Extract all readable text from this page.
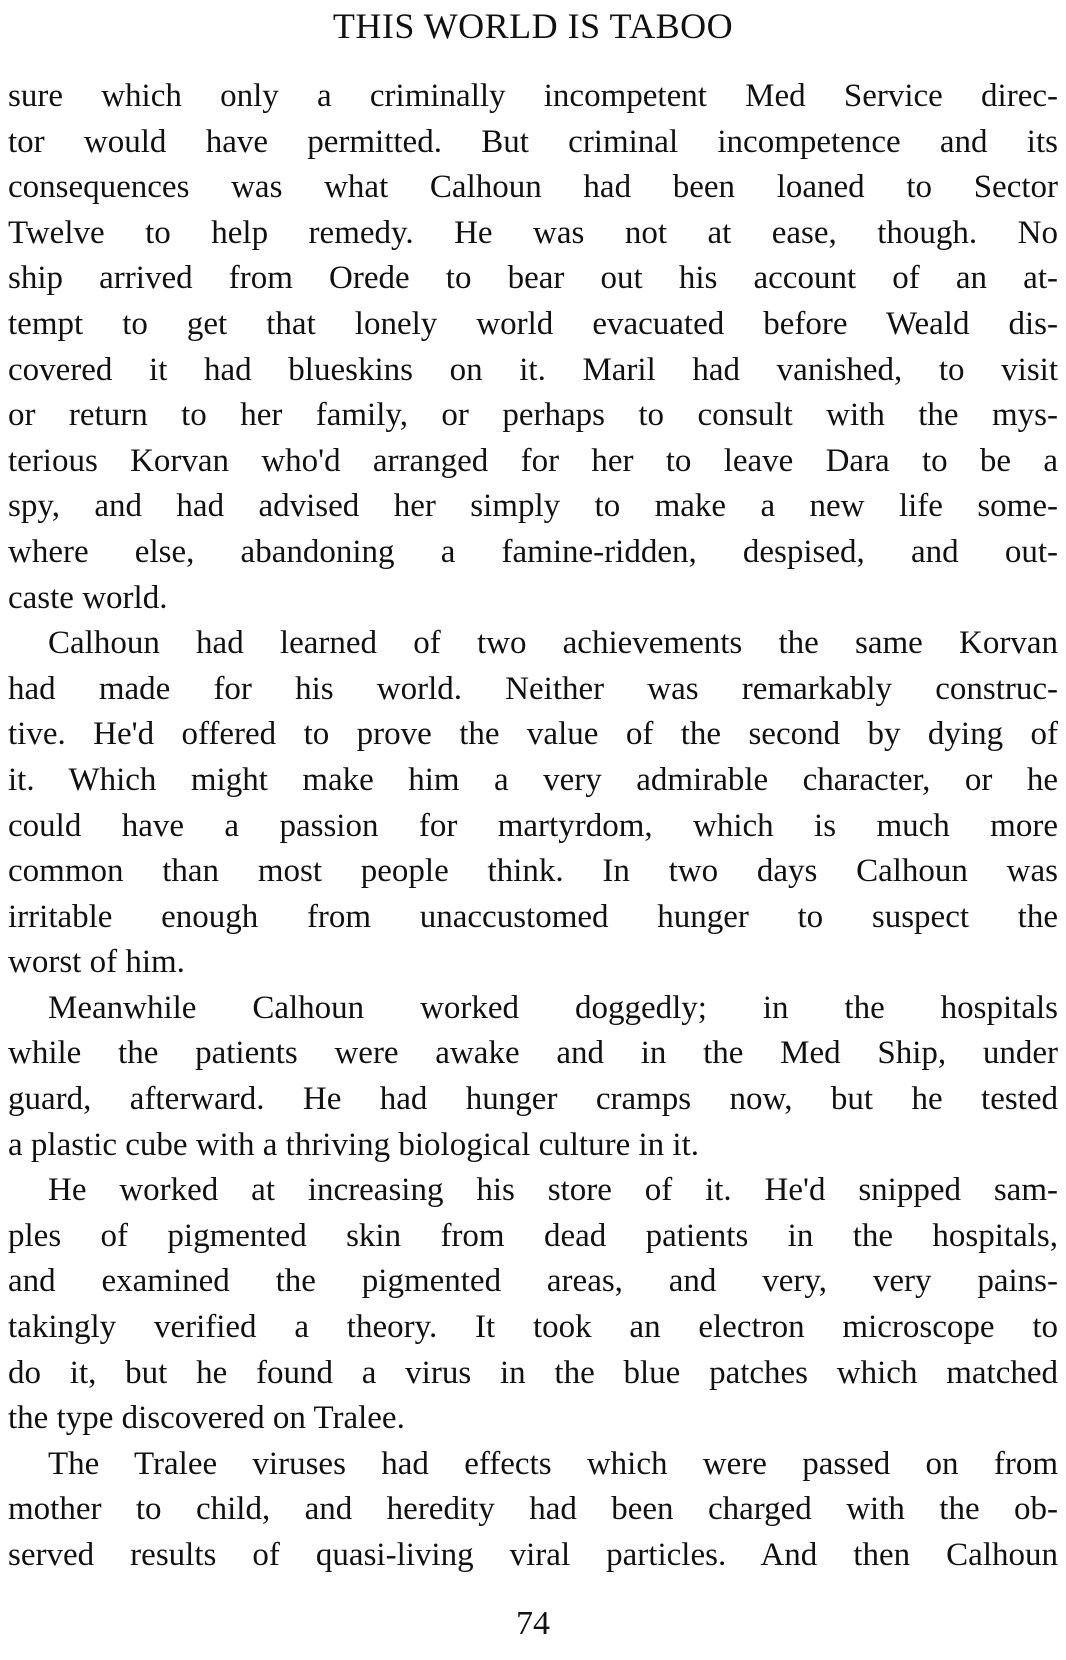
THIS WORLD IS TABOO
sure which only a criminally incompetent Med Service direc-
tor would have permitted. But criminal incompetence and its
consequences was what Calhoun had been loaned to Sector
Twelve to help remedy. He was not at ease, though. No
ship arrived from Orede to bear out his account of an at-
tempt to get that lonely world evacuated before Weald dis-
covered it had blueskins on it. Maril had vanished, to visit
or return to her family, or perhaps to consult with the mys-
terious Korvan who'd arranged for her to leave Dara to be a
spy, and had advised her simply to make a new life some-
where else, abandoning a famine-ridden, despised, and out-
caste world.
Calhoun had learned of two achievements the same Korvan
had made for his world. Neither was remarkably construc-
tive. He'd offered to prove the value of the second by dying of
it. Which might make him a very admirable character, or he
could have a passion for martyrdom, which is much more
common than most people think. In two days Calhoun was
irritable enough from unaccustomed hunger to suspect the
worst of him.
Meanwhile Calhoun worked doggedly; in the hospitals
while the patients were awake and in the Med Ship, under
guard, afterward. He had hunger cramps now, but he tested
a plastic cube with a thriving biological culture in it.
He worked at increasing his store of it. He'd snipped sam-
ples of pigmented skin from dead patients in the hospitals,
and examined the pigmented areas, and very, very pains-
takingly verified a theory. It took an electron microscope to
do it, but he found a virus in the blue patches which matched
the type discovered on Tralee.
The Tralee viruses had effects which were passed on from
mother to child, and heredity had been charged with the ob-
served results of quasi-living viral particles. And then Calhoun
74
